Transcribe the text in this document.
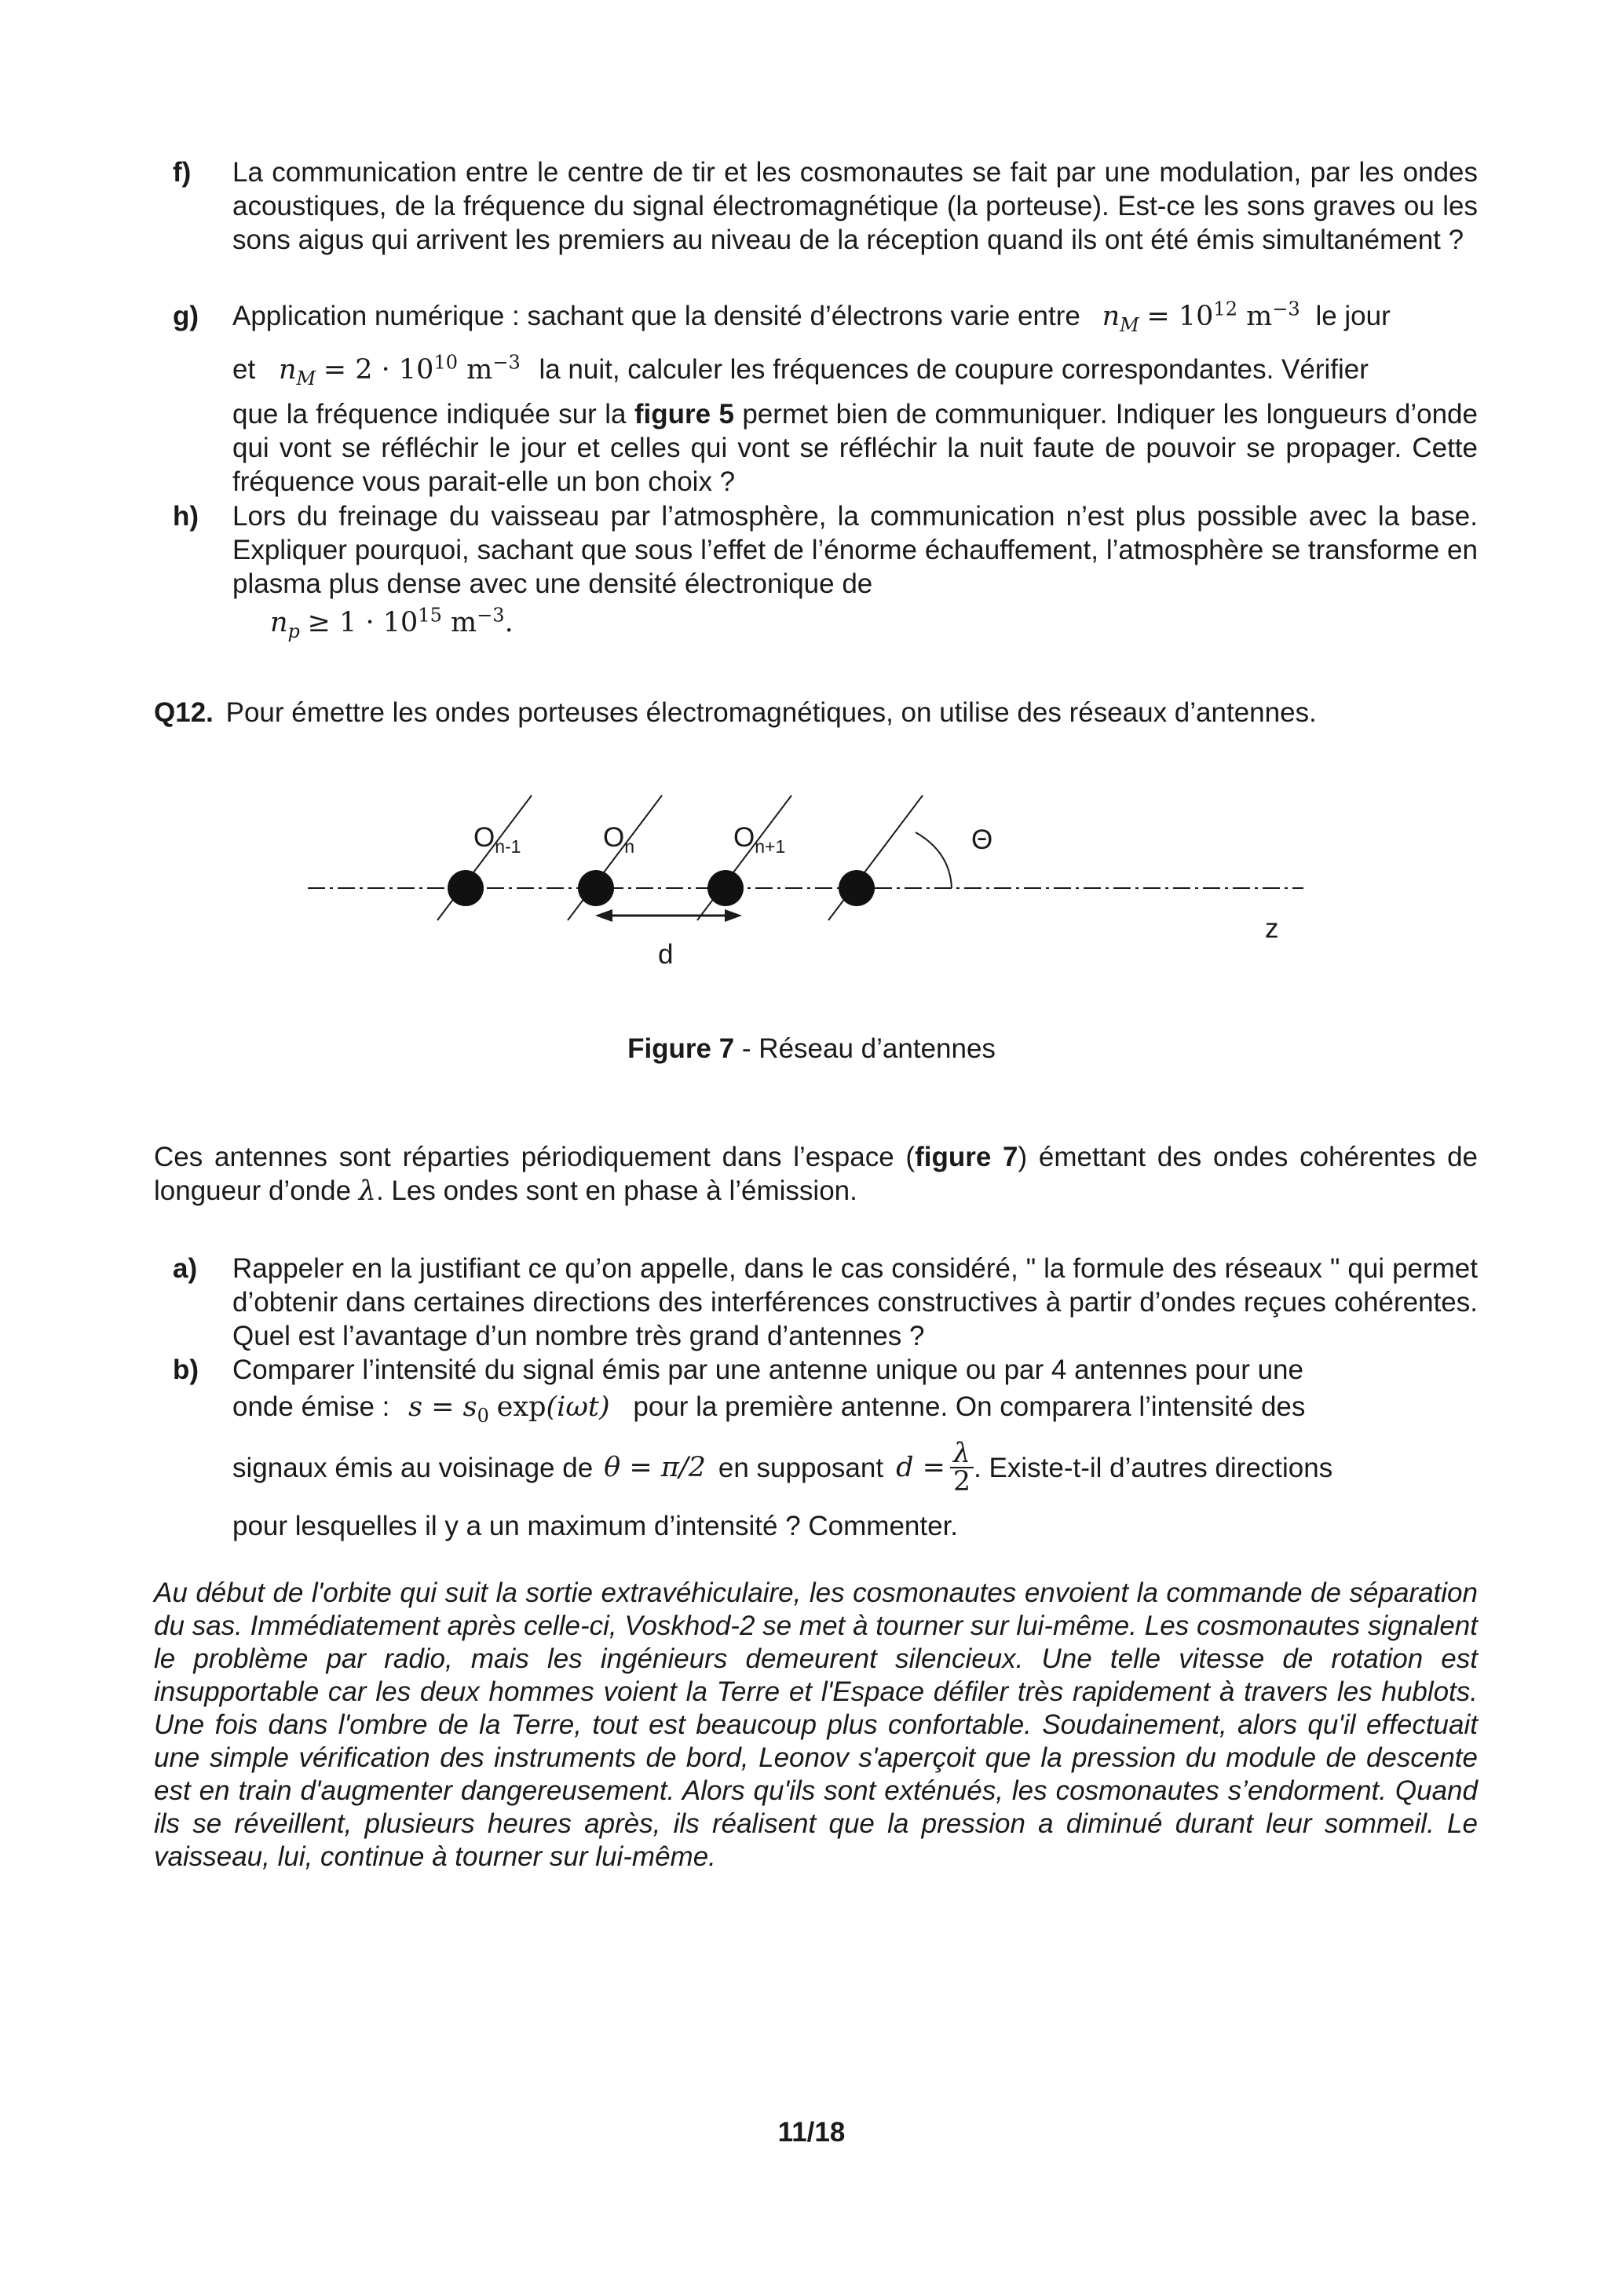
f) La communication entre le centre de tir et les cosmonautes se fait par une modulation, par les ondes acoustiques, de la fréquence du signal électromagnétique (la porteuse). Est-ce les sons graves ou les sons aigus qui arrivent les premiers au niveau de la réception quand ils ont été émis simultanément ?
g) Application numérique : sachant que la densité d’électrons varie entre $n_M = 10^{12}$ $m^{-3}$ le jour
et $n_M = 2 \cdot 10^{10}$ $m^{-3}$ la nuit, calculer les fréquences de coupure correspondantes. Vérifier
que la fréquence indiquée sur la figure 5 permet bien de communiquer. Indiquer les longueurs d’onde qui vont se réfléchir le jour et celles qui vont se réfléchir la nuit faute de pouvoir se propager. Cette fréquence vous parait-elle un bon choix ?
h) Lors du freinage du vaisseau par l’atmosphère, la communication n’est plus possible avec la base. Expliquer pourquoi, sachant que sous l’effet de l’énorme échauffement, l’atmosphère se transforme en plasma plus dense avec une densité électronique de
$n_p \ge 1 \cdot 10^{15}$ $m^{-3}$.
Q12. Pour émettre les ondes porteuses électromagnétiques, on utilise des réseaux d’antennes.
$O_{n-1}$	$O_n$	$O_{n+1}$	Θ
z
d
Figure 7 - Réseau d’antennes
Ces antennes sont réparties périodiquement dans l’espace (figure 7) émettant des ondes cohérentes de longueur d’onde λ. Les ondes sont en phase à l’émission.
a) Rappeler en la justifiant ce qu’on appelle, dans le cas considéré, " la formule des réseaux " qui permet d’obtenir dans certaines directions des interférences constructives à partir d’ondes reçues cohérentes. Quel est l’avantage d’un nombre très grand d’antennes ?
b) Comparer l’intensité du signal émis par une antenne unique ou par 4 antennes pour une
onde émise : $s = s_0$ exp(iωt) pour la première antenne. On comparera l’intensité des
signaux émis au voisinage de θ = π/2 en supposant $d = \frac{\lambda}{2}$ . Existe-t-il d’autres directions
pour lesquelles il y a un maximum d’intensité ? Commenter.
Au début de l'orbite qui suit la sortie extravéhiculaire, les cosmonautes envoient la commande de séparation du sas. Immédiatement après celle-ci, Voskhod-2 se met à tourner sur lui-même. Les cosmonautes signalent le problème par radio, mais les ingénieurs demeurent silencieux. Une telle vitesse de rotation est insupportable car les deux hommes voient la Terre et l'Espace défiler très rapidement à travers les hublots. Une fois dans l'ombre de la Terre, tout est beaucoup plus confortable. Soudainement, alors qu'il effectuait une simple vérification des instruments de bord, Leonov s'aperçoit que la pression du module de descente est en train d'augmenter dangereusement. Alors qu'ils sont exténués, les cosmonautes s’endorment. Quand ils se réveillent, plusieurs heures après, ils réalisent que la pression a diminué durant leur sommeil. Le vaisseau, lui, continue à tourner sur lui-même.
11/18
